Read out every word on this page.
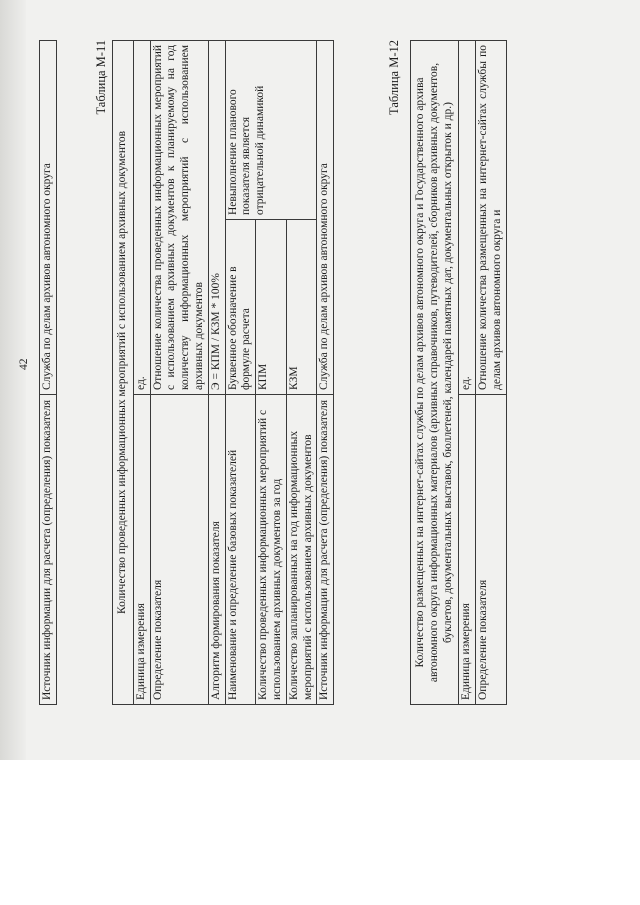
42
Источник информации для расчета (определения) показателя	Служба по делам архивов автономного округа
Таблица М-11
Количество проведенных информационных мероприятий с использованием архивных документов		
Единица измерения	ед.	
Определение показателя	Отношение количества проведенных информационных мероприятий с использованием архивных документов к планируемому на год количеству информационных мероприятий с использованием архивных документов	
Алгоритм формирования показателя	Э = КПМ / КЗМ * 100%	
Наименование и определение базовых показателей	Буквенное обозначение в формуле расчета	Невыполнение планового показателя является отрицательной динамикой
Количество проведенных информационных мероприятий с использованием архивных документов за год	КПМ	
Количество запланированных на год информационных мероприятий с использованием архивных документов	КЗМ	
Источник информации для расчета (определения) показателя	Служба по делам архивов автономного округа	
Таблица М-12
Количество размещенных на интернет-сайтах службы по делам архивов автономного округа и Государственного архива автономного округа информационных материалов (архивных справочников, путеводителей, сборников архивных документов, буклетов, документальных выставок, бюллетеней, календарей памятных дат, документальных открыток и др.)	
Единица измерения	ед.
Определение показателя	Отношение количества размещенных на интернет-сайтах службы по делам архивов автономного округа и
